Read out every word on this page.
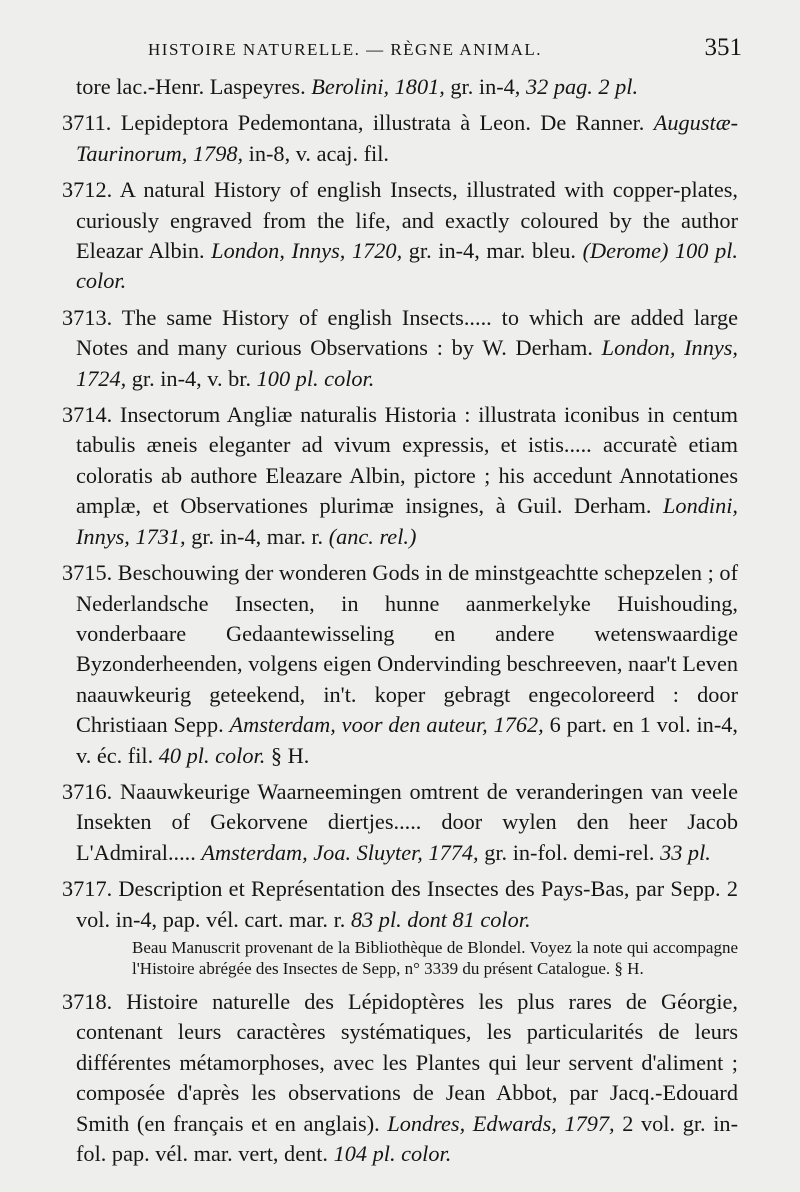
HISTOIRE NATURELLE. — RÈGNE ANIMAL.	351

tore lac.-Henr. Laspeyres. Berolini, 1801, gr. in-4, 32 pag. 2 pl.

3711. Lepideptora Pedemontana, illustrata à Leon. De Ranner. Augustæ-Taurinorum, 1798, in-8, v. acaj. fil.

3712. A natural History of english Insects, illustrated with copper-plates, curiously engraved from the life, and exactly coloured by the author Eleazar Albin. London, Innys, 1720, gr. in-4, mar. bleu. (Derome) 100 pl. color.

3713. The same History of english Insects..... to which are added large Notes and many curious Observations : by W. Derham. London, Innys, 1724, gr. in-4, v. br. 100 pl. color.

3714. Insectorum Angliæ naturalis Historia : illustrata iconibus in centum tabulis æneis eleganter ad vivum expressis, et istis..... accuratè etiam coloratis ab authore Eleazare Albin, pictore ; his accedunt Annotationes amplæ, et Observationes plurimæ insignes, à Guil. Derham. Londini, Innys, 1731, gr. in-4, mar. r. (anc. rel.)

3715. Beschouwing der wonderen Gods in de minstgeachtte schepzelen ; of Nederlandsche Insecten, in hunne aanmerkelyke Huishouding, vonderbaare Gedaantewisseling en andere wetenswaardige Byzonderheenden, volgens eigen Ondervinding beschreeven, naar't Leven naauwkeurig geteekend, in't. koper gebragt engecoloreerd : door Christiaan Sepp. Amsterdam, voor den auteur, 1762, 6 part. en 1 vol. in-4, v. éc. fil. 40 pl. color. § H.

3716. Naauwkeurige Waarneemingen omtrent de veranderingen van veele Insekten of Gekorvene diertjes..... door wylen den heer Jacob L'Admiral..... Amsterdam, Joa. Sluyter, 1774, gr. in-fol. demi-rel. 33 pl.

3717. Description et Représentation des Insectes des Pays-Bas, par Sepp. 2 vol. in-4, pap. vél. cart. mar. r. 83 pl. dont 81 color.

Beau Manuscrit provenant de la Bibliothèque de Blondel. Voyez la note qui accompagne l'Histoire abrégée des Insectes de Sepp, n° 3339 du présent Catalogue. § H.

3718. Histoire naturelle des Lépidoptères les plus rares de Géorgie, contenant leurs caractères systématiques, les particularités de leurs différentes métamorphoses, avec les Plantes qui leur servent d'aliment ; composée d'après les observations de Jean Abbot, par Jacq.-Edouard Smith (en français et en anglais). Londres, Edwards, 1797, 2 vol. gr. in-fol. pap. vél. mar. vert, dent. 104 pl. color.
